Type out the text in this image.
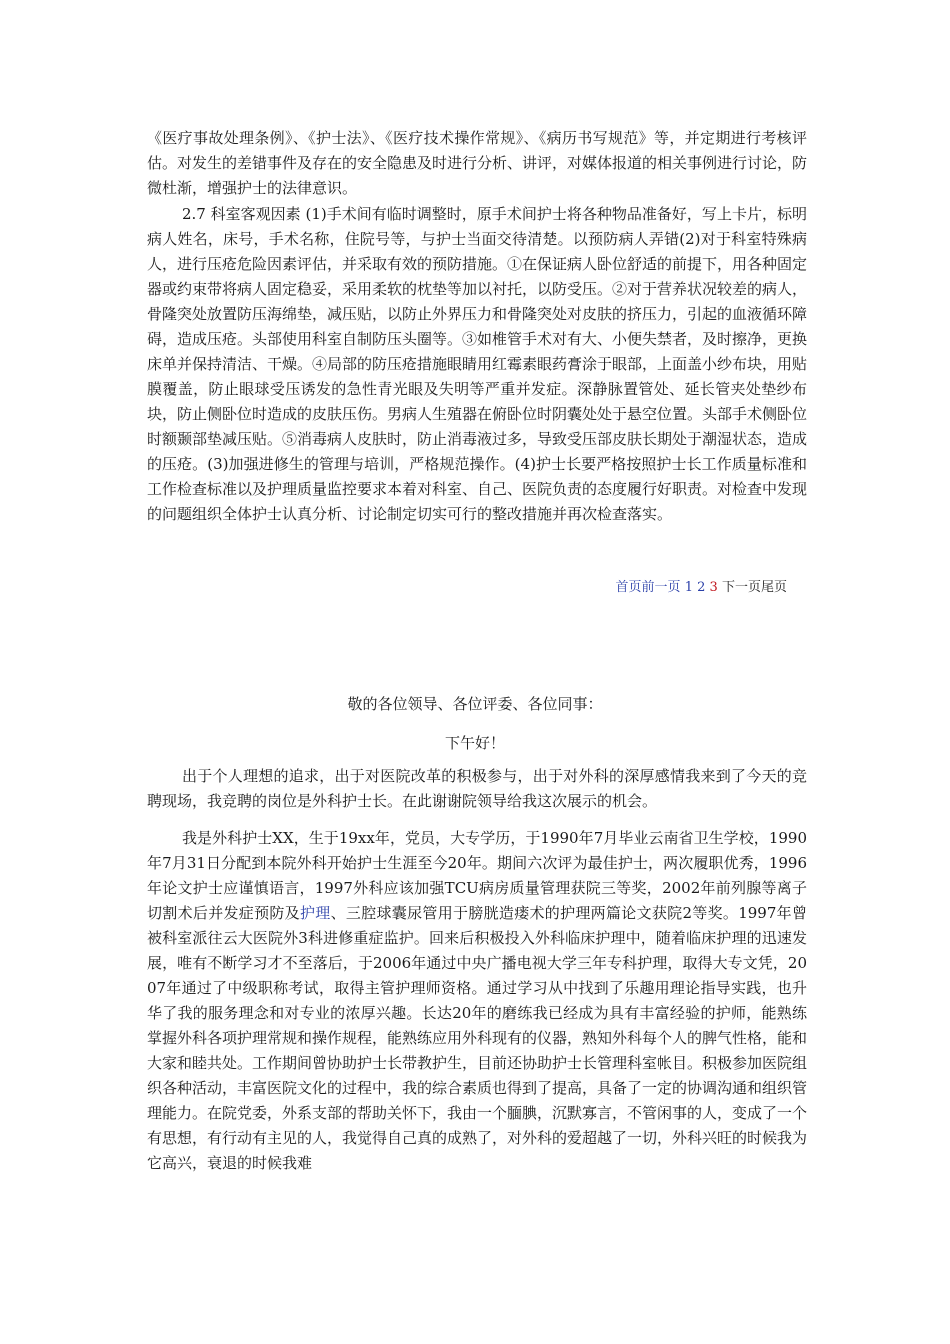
《医疗事故处理条例》、《护士法》、《医疗技术操作常规》、《病历书写规范》等，并定期进行考核评估。对发生的差错事件及存在的安全隐患及时进行分析、讲评，对媒体报道的相关事例进行讨论，防微杜渐，增强护士的法律意识。

2.7 科室客观因素 (1)手术间有临时调整时，原手术间护士将各种物品准备好，写上卡片，标明病人姓名，床号，手术名称，住院号等，与护士当面交待清楚。以预防病人弄错(2)对于科室特殊病人，进行压疮危险因素评估，并采取有效的预防措施。①在保证病人卧位舒适的前提下，用各种固定器或约束带将病人固定稳妥，采用柔软的枕垫等加以衬托，以防受压。②对于营养状况较差的病人，骨隆突处放置防压海绵垫，减压贴，以防止外界压力和骨隆突处对皮肤的挤压力，引起的血液循环障碍，造成压疮。头部使用科室自制防压头圈等。③如椎管手术对有大、小便失禁者，及时擦净，更换床单并保持清洁、干燥。④局部的防压疮措施眼睛用红霉素眼药膏涂于眼部，上面盖小纱布块，用贴膜覆盖，防止眼球受压诱发的急性青光眼及失明等严重并发症。深静脉置管处、延长管夹处垫纱布块，防止侧卧位时造成的皮肤压伤。男病人生殖器在俯卧位时阴囊处处于悬空位置。头部手术侧卧位时额颞部垫减压贴。⑤消毒病人皮肤时，防止消毒液过多，导致受压部皮肤长期处于潮湿状态，造成的压疮。(3)加强进修生的管理与培训，严格规范操作。(4)护士长要严格按照护士长工作质量标准和工作检查标准以及护理质量监控要求本着对科室、自己、医院负责的态度履行好职责。对检查中发现的问题组织全体护士认真分析、讨论制定切实可行的整改措施并再次检查落实。

首页前一页 1 2 3 下一页尾页

敬的各位领导、各位评委、各位同事：

下午好！

出于个人理想的追求，出于对医院改革的积极参与，出于对外科的深厚感情我来到了今天的竞聘现场，我竞聘的岗位是外科护士长。在此谢谢院领导给我这次展示的机会。

我是外科护士XX，生于19xx年，党员，大专学历，于1990年7月毕业云南省卫生学校，1990年7月31日分配到本院外科开始护士生涯至今20年。期间六次评为最佳护士，两次履职优秀，1996年论文护士应谨慎语言，1997外科应该加强TCU病房质量管理获院三等奖，2002年前列腺等离子切割术后并发症预防及护理、三腔球囊尿管用于膀胱造瘘术的护理两篇论文获院2等奖。1997年曾被科室派往云大医院外3科进修重症监护。回来后积极投入外科临床护理中，随着临床护理的迅速发展，唯有不断学习才不至落后，于2006年通过中央广播电视大学三年专科护理，取得大专文凭，2007年通过了中级职称考试，取得主管护理师资格。通过学习从中找到了乐趣用理论指导实践，也升华了我的服务理念和对专业的浓厚兴趣。长达20年的磨练我已经成为具有丰富经验的护师，能熟练掌握外科各项护理常规和操作规程，能熟练应用外科现有的仪器，熟知外科每个人的脾气性格，能和大家和睦共处。工作期间曾协助护士长带教护生，目前还协助护士长管理科室帐目。积极参加医院组织各种活动，丰富医院文化的过程中，我的综合素质也得到了提高，具备了一定的协调沟通和组织管理能力。在院党委，外系支部的帮助关怀下，我由一个腼腆，沉默寡言，不管闲事的人，变成了一个有思想，有行动有主见的人，我觉得自己真的成熟了，对外科的爱超越了一切，外科兴旺的时候我为它高兴，衰退的时候我难
